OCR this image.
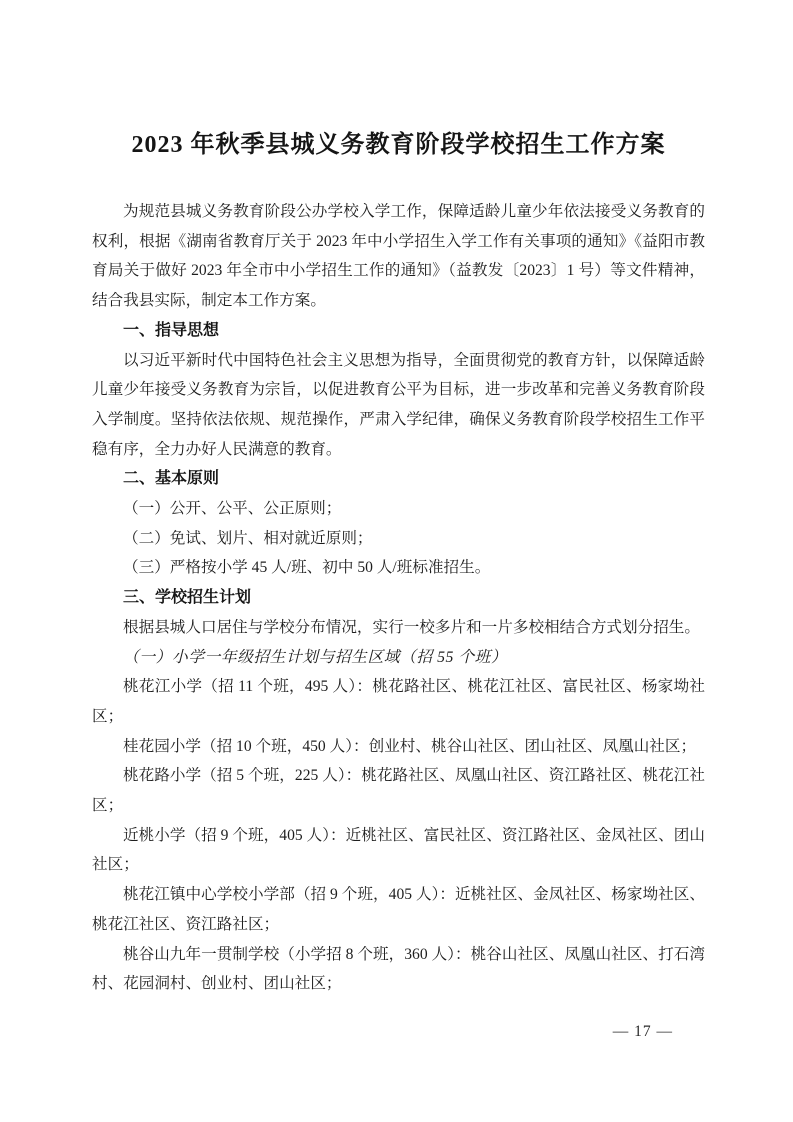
2023 年秋季县城义务教育阶段学校招生工作方案

为规范县城义务教育阶段公办学校入学工作，保障适龄儿童少年依法接受义务教育的权利，根据《湖南省教育厅关于 2023 年中小学招生入学工作有关事项的通知》《益阳市教育局关于做好 2023 年全市中小学招生工作的通知》（益教发〔2023〕1 号）等文件精神，结合我县实际，制定本工作方案。

一、指导思想

以习近平新时代中国特色社会主义思想为指导，全面贯彻党的教育方针，以保障适龄儿童少年接受义务教育为宗旨，以促进教育公平为目标，进一步改革和完善义务教育阶段入学制度。坚持依法依规、规范操作，严肃入学纪律，确保义务教育阶段学校招生工作平稳有序，全力办好人民满意的教育。

二、基本原则

（一）公开、公平、公正原则；

（二）免试、划片、相对就近原则；

（三）严格按小学 45 人/班、初中 50 人/班标准招生。

三、学校招生计划

根据县城人口居住与学校分布情况，实行一校多片和一片多校相结合方式划分招生。

（一）小学一年级招生计划与招生区域（招 55 个班）

桃花江小学（招 11 个班，495 人）：桃花路社区、桃花江社区、富民社区、杨家坳社区；

桂花园小学（招 10 个班，450 人）：创业村、桃谷山社区、团山社区、凤凰山社区；

桃花路小学（招 5 个班，225 人）：桃花路社区、凤凰山社区、资江路社区、桃花江社区；

近桃小学（招 9 个班，405 人）：近桃社区、富民社区、资江路社区、金凤社区、团山社区；

桃花江镇中心学校小学部（招 9 个班，405 人）：近桃社区、金凤社区、杨家坳社区、桃花江社区、资江路社区；

桃谷山九年一贯制学校（小学招 8 个班，360 人）：桃谷山社区、凤凰山社区、打石湾村、花园洞村、创业村、团山社区；

— 17 —
